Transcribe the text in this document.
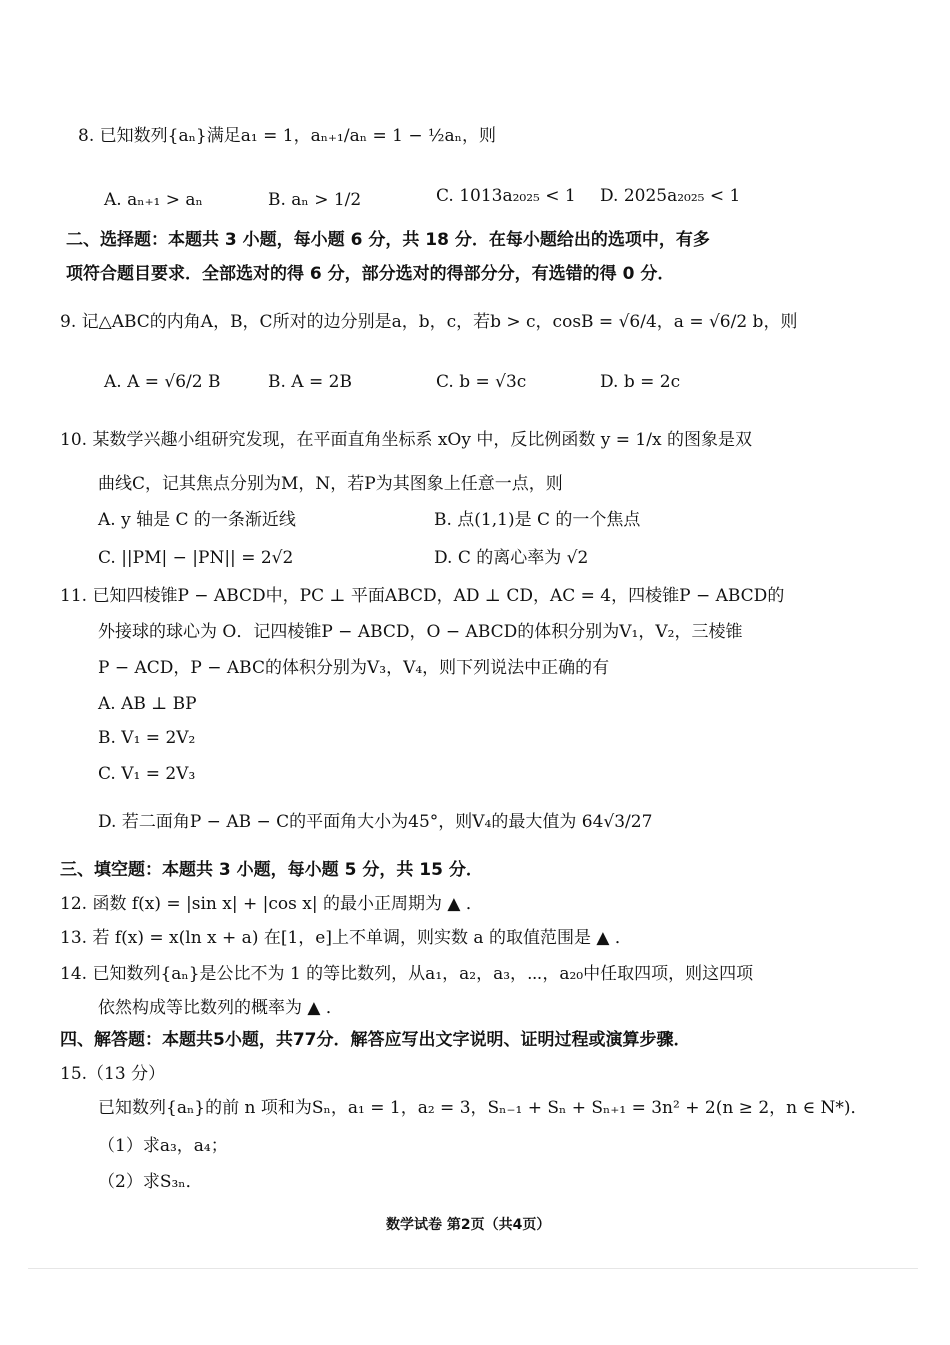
8. 已知数列{aₙ}满足a₁ = 1，aₙ₊₁/aₙ = 1 − ½aₙ，则
A. aₙ₊₁ > aₙ	B. aₙ > 1/2	C. 1013a₂₀₂₅ < 1 D. 2025a₂₀₂₅ < 1
二、选择题：本题共 3 小题，每小题 6 分，共 18 分．在每小题给出的选项中，有多
项符合题目要求．全部选对的得 6 分，部分选对的得部分分，有选错的得 0 分．
9. 记△ABC的内角A，B，C所对的边分别是a，b，c，若b > c，cosB = √6/4，a = √6/2 b，则
A. A = √6/2 B	B. A = 2B	C. b = √3c	D. b = 2c
10. 某数学兴趣小组研究发现，在平面直角坐标系 xOy 中，反比例函数 y = 1/x 的图象是双
曲线C，记其焦点分别为M，N，若P为其图象上任意一点，则
A. y 轴是 C 的一条渐近线	B. 点(1,1)是 C 的一个焦点
C. ||PM| − |PN|| = 2√2	D. C 的离心率为 √2
11. 已知四棱锥P − ABCD中，PC ⊥ 平面ABCD，AD ⊥ CD，AC = 4，四棱锥P − ABCD的
外接球的球心为 O．记四棱锥P − ABCD，O − ABCD的体积分别为V₁，V₂，三棱锥
P − ACD，P − ABC的体积分别为V₃，V₄，则下列说法中正确的有
A. AB ⊥ BP
B. V₁ = 2V₂
C. V₁ = 2V₃
D. 若二面角P − AB − C的平面角大小为45°，则V₄的最大值为 64√3/27
三、填空题：本题共 3 小题，每小题 5 分，共 15 分．
12. 函数 f(x) = |sin x| + |cos x| 的最小正周期为 ▲ ．
13. 若 f(x) = x(ln x + a) 在[1，e]上不单调，则实数 a 的取值范围是 ▲ ．
14. 已知数列{aₙ}是公比不为 1 的等比数列，从a₁，a₂，a₃，⋯，a₂₀中任取四项，则这四项
依然构成等比数列的概率为 ▲ ．
四、解答题：本题共5小题，共77分．解答应写出文字说明、证明过程或演算步骤．
15.（13 分）
已知数列{aₙ}的前 n 项和为Sₙ，a₁ = 1，a₂ = 3，Sₙ₋₁ + Sₙ + Sₙ₊₁ = 3n² + 2(n ≥ 2，n ∈ N*)．
（1）求a₃，a₄；
（2）求S₃ₙ．
数学试卷 第2页（共4页）
